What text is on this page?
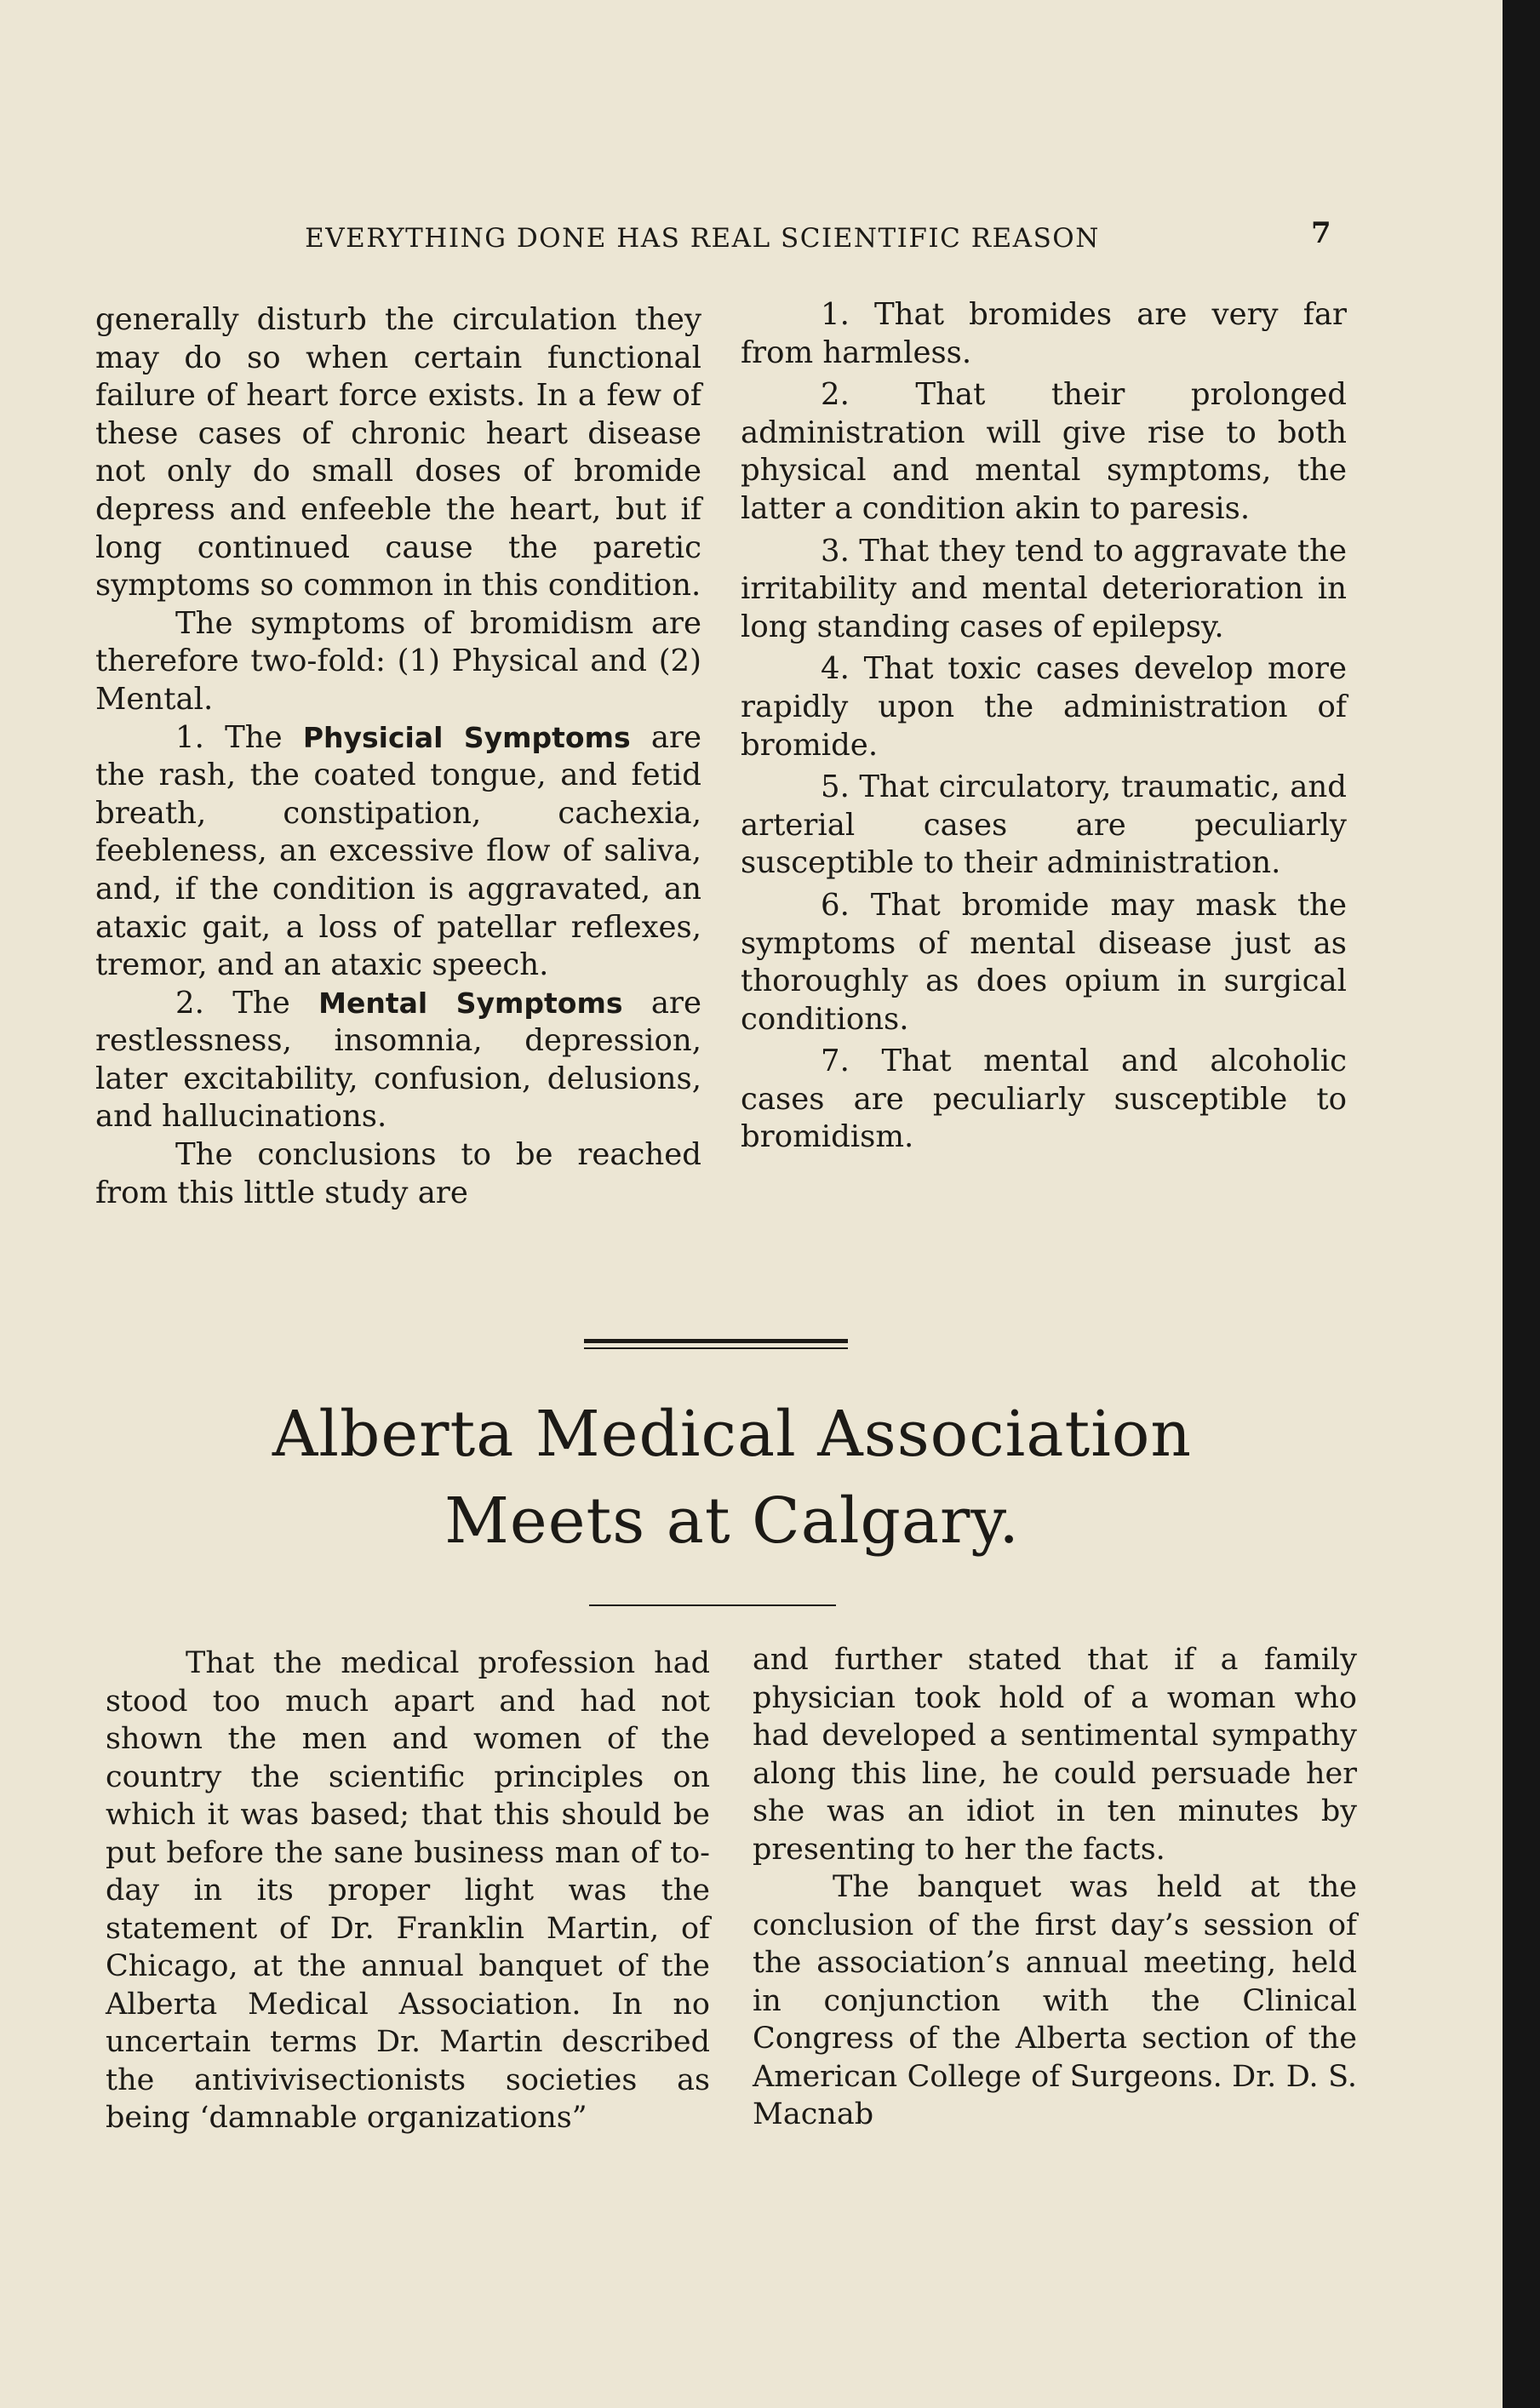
EVERYTHING DONE HAS REAL SCIENTIFIC REASON	7

generally disturb the circulation they may do so when certain functional failure of heart force exists. In a few of these cases of chronic heart disease not only do small doses of bromide depress and enfeeble the heart, but if long continued cause the paretic symptoms so common in this condition.

The symptoms of bromidism are therefore two-fold: (1) Physical and (2) Mental.

1. The Physicial Symptoms are the rash, the coated tongue, and fetid breath, constipation, cachexia, feebleness, an excessive flow of saliva, and, if the condition is aggravated, an ataxic gait, a loss of patellar reflexes, tremor, and an ataxic speech.

2. The Mental Symptoms are restlessness, insomnia, depression, later excitability, confusion, delusions, and hallucinations.

The conclusions to be reached from this little study are

1. That bromides are very far from harmless.

2. That their prolonged administration will give rise to both physical and mental symptoms, the latter a condition akin to paresis.

3. That they tend to aggravate the irritability and mental deterioration in long standing cases of epilepsy.

4. That toxic cases develop more rapidly upon the administration of bromide.

5. That circulatory, traumatic, and arterial cases are peculiarly susceptible to their administration.

6. That bromide may mask the symptoms of mental disease just as thoroughly as does opium in surgical conditions.

7. That mental and alcoholic cases are peculiarly susceptible to bromidism.

Alberta Medical Association
Meets at Calgary.

That the medical profession had stood too much apart and had not shown the men and women of the country the scientific principles on which it was based; that this should be put before the sane business man of to-day in its proper light was the statement of Dr. Franklin Martin, of Chicago, at the annual banquet of the Alberta Medical Association. In no uncertain terms Dr. Martin described the antivivisectionists societies as being ‘damnable organizations”

and further stated that if a family physician took hold of a woman who had developed a sentimental sympathy along this line, he could persuade her she was an idiot in ten minutes by presenting to her the facts.

The banquet was held at the conclusion of the first day’s session of the association’s annual meeting, held in conjunction with the Clinical Congress of the Alberta section of the American College of Surgeons. Dr. D. S. Macnab
